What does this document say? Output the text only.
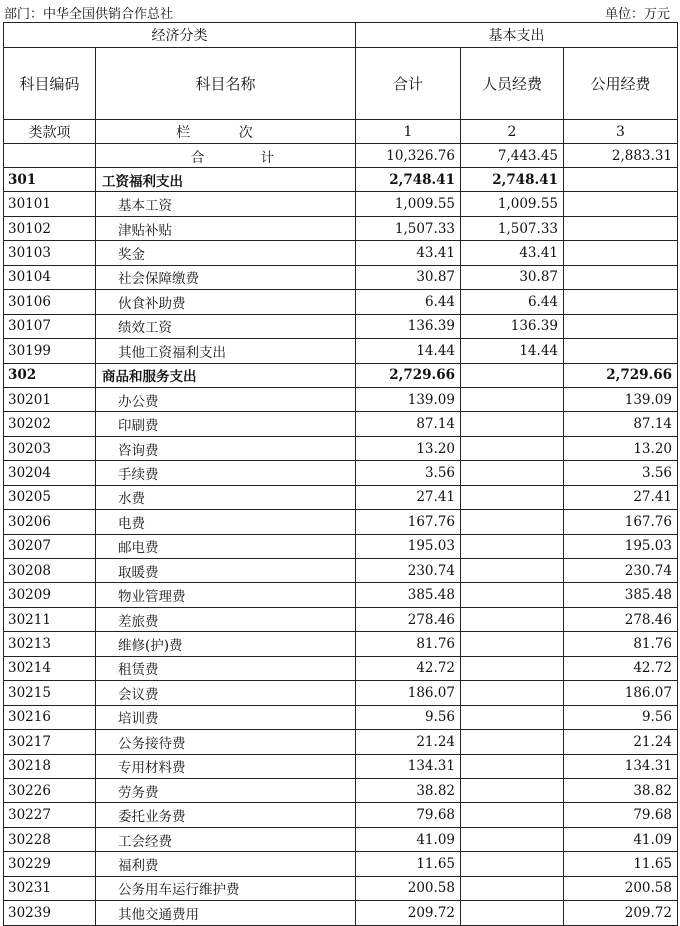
部门：中华全国供销合作总社	单位：万元
经济分类		基本支出		
科目编码	科目名称	合计	人员经费	公用经费
类款项	栏 次	1	2	3
	合 计	10,326.76	7,443.45	2,883.31
301	工资福利支出	2,748.41	2,748.41	
30101	基本工资	1,009.55	1,009.55	
30102	津贴补贴	1,507.33	1,507.33	
30103	奖金	43.41	43.41	
30104	社会保障缴费	30.87	30.87	
30106	伙食补助费	6.44	6.44	
30107	绩效工资	136.39	136.39	
30199	其他工资福利支出	14.44	14.44	
302	商品和服务支出	2,729.66		2,729.66
30201	办公费	139.09		139.09
30202	印刷费	87.14		87.14
30203	咨询费	13.20		13.20
30204	手续费	3.56		3.56
30205	水费	27.41		27.41
30206	电费	167.76		167.76
30207	邮电费	195.03		195.03
30208	取暖费	230.74		230.74
30209	物业管理费	385.48		385.48
30211	差旅费	278.46		278.46
30213	维修(护)费	81.76		81.76
30214	租赁费	42.72		42.72
30215	会议费	186.07		186.07
30216	培训费	9.56		9.56
30217	公务接待费	21.24		21.24
30218	专用材料费	134.31		134.31
30226	劳务费	38.82		38.82
30227	委托业务费	79.68		79.68
30228	工会经费	41.09		41.09
30229	福利费	11.65		11.65
30231	公务用车运行维护费	200.58		200.58
30239	其他交通费用	209.72		209.72
